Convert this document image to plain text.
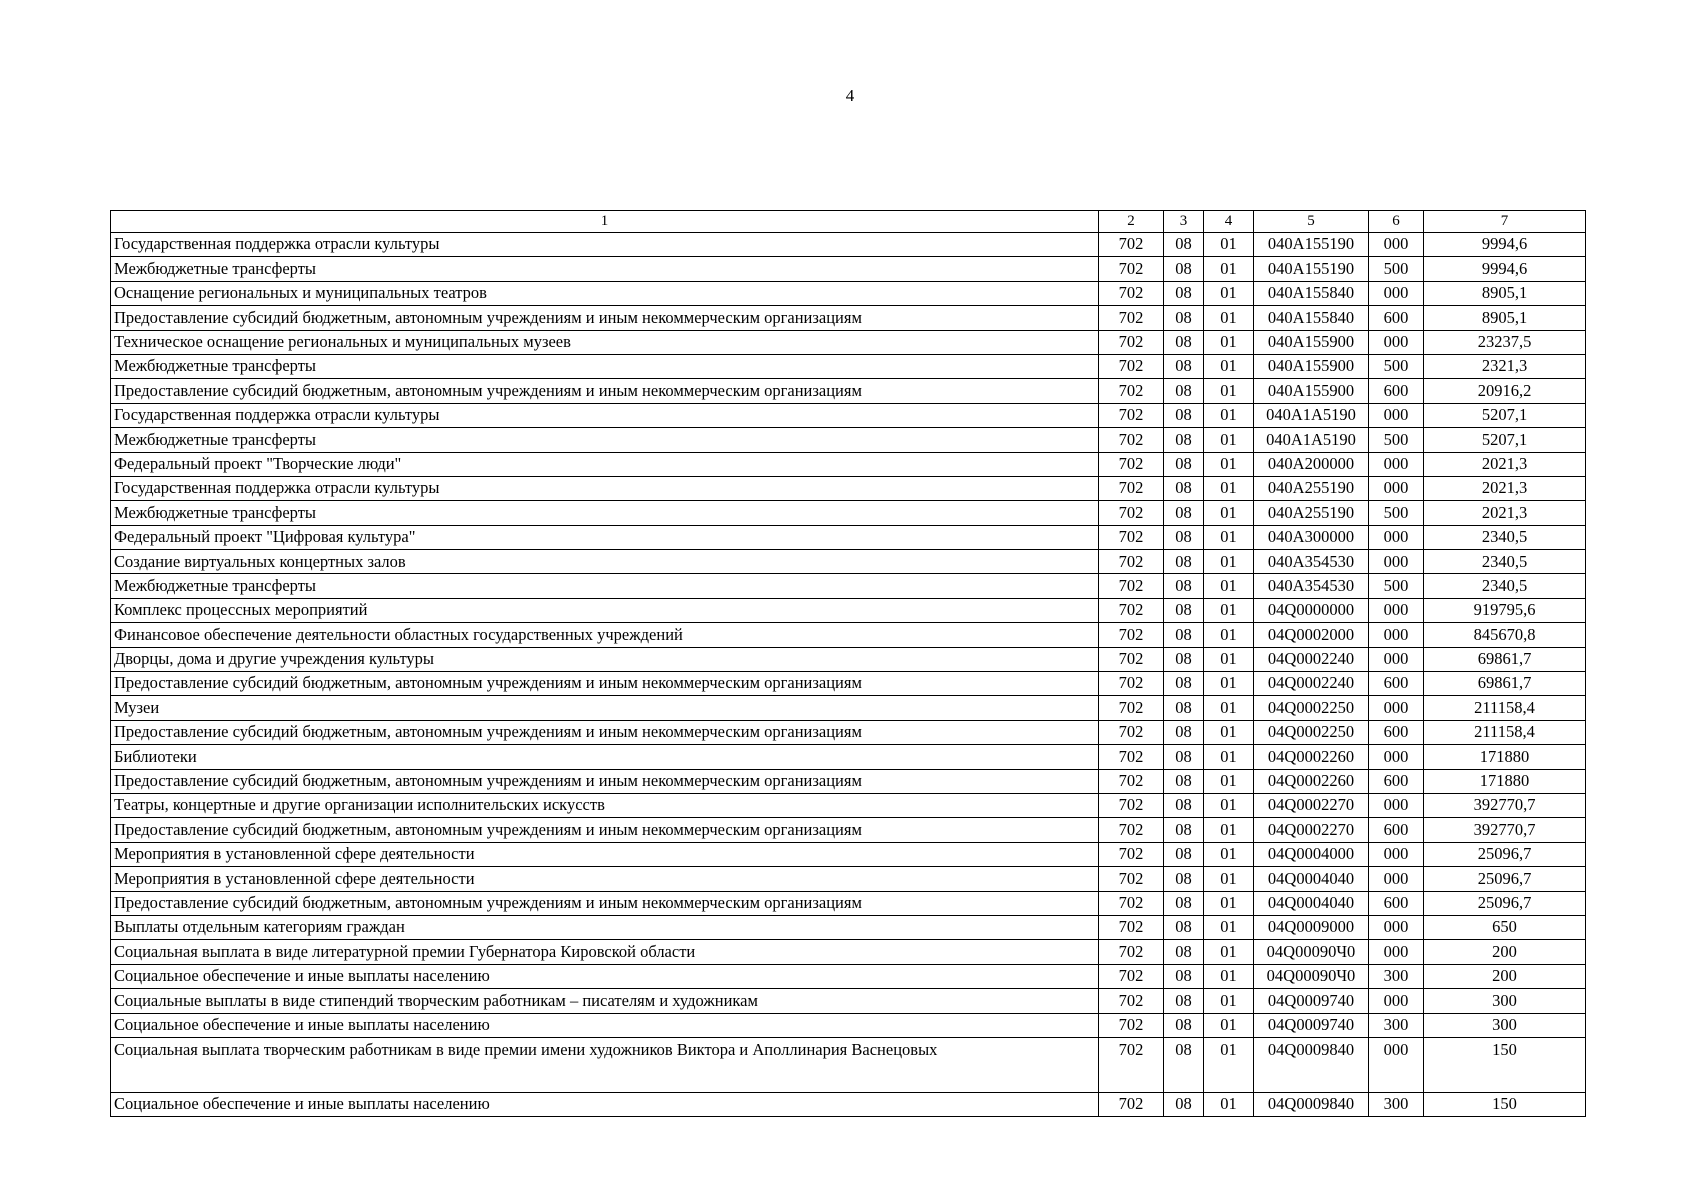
4
1	2	3	4	5	6	7
Государственная поддержка отрасли культуры	702	08	01	040A155190	000	9994,6
Межбюджетные трансферты	702	08	01	040A155190	500	9994,6
Оснащение региональных и муниципальных театров	702	08	01	040A155840	000	8905,1
Предоставление субсидий бюджетным, автономным учреждениям и иным некоммерческим организациям	702	08	01	040A155840	600	8905,1
Техническое оснащение региональных и муниципальных музеев	702	08	01	040A155900	000	23237,5
Межбюджетные трансферты	702	08	01	040A155900	500	2321,3
Предоставление субсидий бюджетным, автономным учреждениям и иным некоммерческим организациям	702	08	01	040A155900	600	20916,2
Государственная поддержка отрасли культуры	702	08	01	040A1A5190	000	5207,1
Межбюджетные трансферты	702	08	01	040A1A5190	500	5207,1
Федеральный проект "Творческие люди"	702	08	01	040A200000	000	2021,3
Государственная поддержка отрасли культуры	702	08	01	040A255190	000	2021,3
Межбюджетные трансферты	702	08	01	040A255190	500	2021,3
Федеральный проект "Цифровая культура"	702	08	01	040A300000	000	2340,5
Создание виртуальных концертных залов	702	08	01	040A354530	000	2340,5
Межбюджетные трансферты	702	08	01	040A354530	500	2340,5
Комплекс процессных мероприятий	702	08	01	04Q0000000	000	919795,6
Финансовое обеспечение деятельности областных государственных учреждений	702	08	01	04Q0002000	000	845670,8
Дворцы, дома и другие учреждения культуры	702	08	01	04Q0002240	000	69861,7
Предоставление субсидий бюджетным, автономным учреждениям и иным некоммерческим организациям	702	08	01	04Q0002240	600	69861,7
Музеи	702	08	01	04Q0002250	000	211158,4
Предоставление субсидий бюджетным, автономным учреждениям и иным некоммерческим организациям	702	08	01	04Q0002250	600	211158,4
Библиотеки	702	08	01	04Q0002260	000	171880
Предоставление субсидий бюджетным, автономным учреждениям и иным некоммерческим организациям	702	08	01	04Q0002260	600	171880
Театры, концертные и другие организации исполнительских искусств	702	08	01	04Q0002270	000	392770,7
Предоставление субсидий бюджетным, автономным учреждениям и иным некоммерческим организациям	702	08	01	04Q0002270	600	392770,7
Мероприятия в установленной сфере деятельности	702	08	01	04Q0004000	000	25096,7
Мероприятия в установленной сфере деятельности	702	08	01	04Q0004040	000	25096,7
Предоставление субсидий бюджетным, автономным учреждениям и иным некоммерческим организациям	702	08	01	04Q0004040	600	25096,7
Выплаты отдельным категориям граждан	702	08	01	04Q0009000	000	650
Социальная выплата в виде литературной премии Губернатора Кировской области	702	08	01	04Q00090Ч0	000	200
Социальное обеспечение и иные выплаты населению	702	08	01	04Q00090Ч0	300	200
Социальные выплаты в виде стипендий творческим работникам – писателям и художникам	702	08	01	04Q0009740	000	300
Социальное обеспечение и иные выплаты населению	702	08	01	04Q0009740	300	300
Социальная выплата творческим работникам в виде премии имени художников Виктора и Аполлинария Васнецовых	702	08	01	04Q0009840	000	150
Социальное обеспечение и иные выплаты населению	702	08	01	04Q0009840	300	150
